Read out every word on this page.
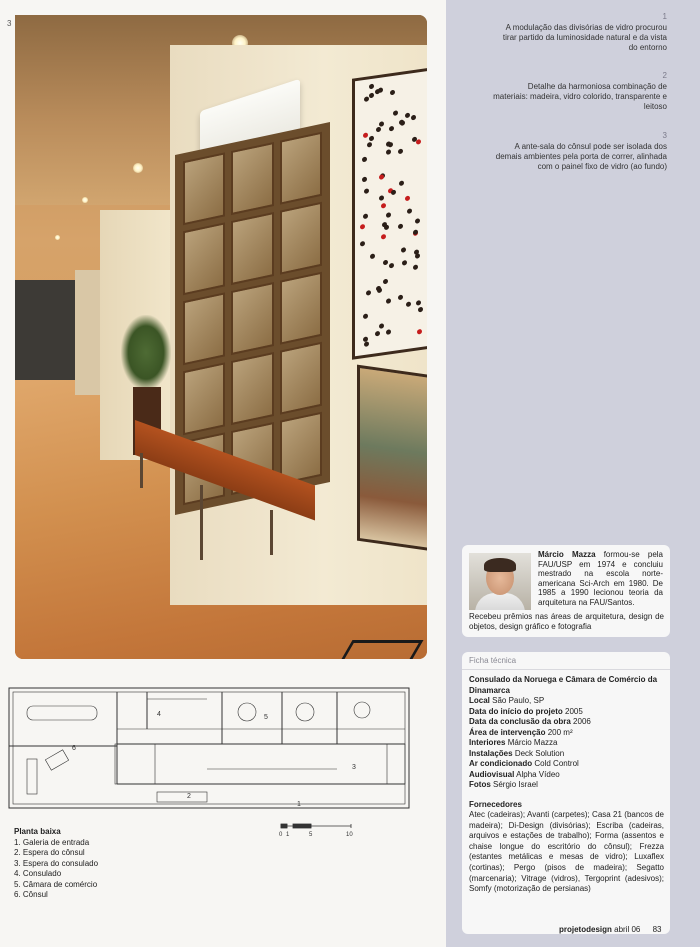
3
1
2
3
4	5
6
0 1	5	10
Planta baixa
1. Galeria de entrada
2. Espera do cônsul
3. Espera do consulado
4. Consulado
5. Câmara de comércio
6. Cônsul
1
A modulação das divisórias de vidro procurou tirar partido da luminosidade natural e da vista do entorno
2
Detalhe da harmoniosa combinação de materiais: madeira, vidro colorido, transparente e leitoso
3
A ante-sala do cônsul pode ser isolada dos demais ambientes pela porta de correr, alinhada com o painel fixo de vidro (ao fundo)
Márcio Mazza formou-se pela FAU/USP em 1974 e concluiu mestrado na escola norte-americana Sci-Arch em 1980. De 1985 a 1990 lecionou teoria da arquitetura na FAU/Santos.
Recebeu prêmios nas áreas de arquitetura, design de objetos, design gráfico e fotografia
Ficha técnica
Consulado da Noruega e Câmara de Comércio da Dinamarca
Local São Paulo, SP
Data do início do projeto 2005
Data da conclusão da obra 2006
Área de intervenção 200 m²
Interiores Márcio Mazza
Instalações Deck Solution
Ar condicionado Cold Control
Audiovisual Alpha Vídeo
Fotos Sérgio Israel
Fornecedores
Atec (cadeiras); Avanti (carpetes); Casa 21 (bancos de madeira); Di-Design (divisórias); Escriba (cadeiras, arquivos e estações de trabalho); Forma (assentos e chaise longue do escritório do cônsul); Frezza (estantes metálicas e mesas de vidro); Luxaflex (cortinas); Pergo (pisos de madeira); Segatto (marcenaria); Vitrage (vidros), Tergoprint (adesivos); Somfy (motorização de persianas)
projetodesign abril 06 83
